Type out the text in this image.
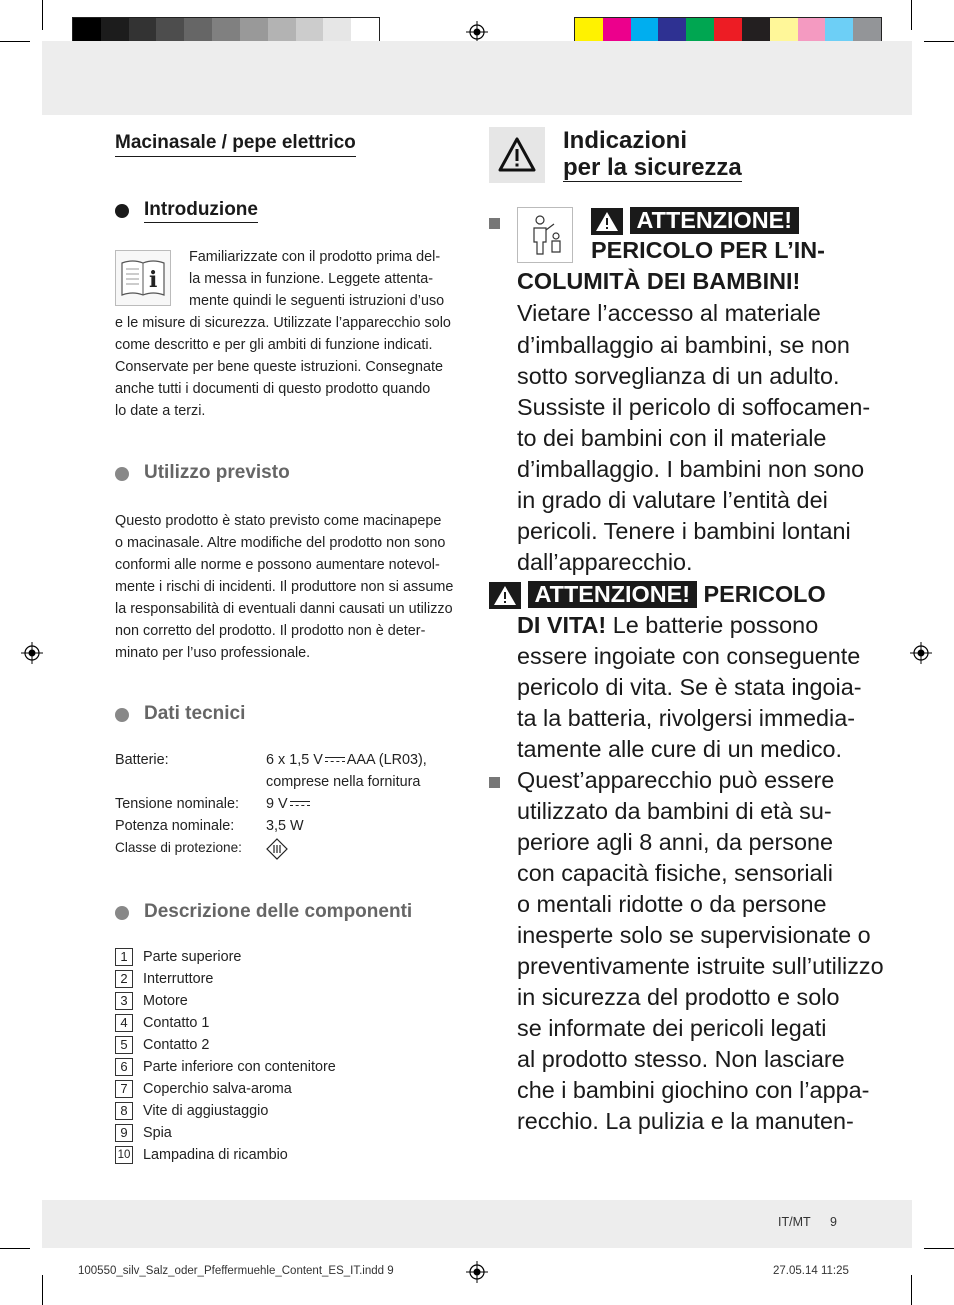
Macinasale / pepe elettrico
Introduzione
i
Familiarizzate con il prodotto prima del-
la messa in funzione. Leggete attenta-
mente quindi le seguenti istruzioni d’uso
e le misure di sicurezza. Utilizzate l’apparecchio solo
come descritto e per gli ambiti di funzione indicati.
Conservate per bene queste istruzioni. Consegnate
anche tutti i documenti di questo prodotto quando
lo date a terzi.
Utilizzo previsto
Questo prodotto è stato previsto come macinapepe
o macinasale. Altre modifiche del prodotto non sono
conformi alle norme e possono aumentare notevol-
mente i rischi di incidenti. Il produttore non si assume
la responsabilità di eventuali danni causati un utilizzo
non corretto del prodotto. Il prodotto non è deter-
minato per l’uso professionale.
Dati tecnici
Batterie:	6 x 1,5 V AAA (LR03),
comprese nella fornitura
Tensione nominale: 9 V
Potenza nominale: 3,5 W
Classe di protezione:
Descrizione delle componenti
1	Parte superiore
2	Interruttore
3	Motore
4	Contatto 1
5	Contatto 2
6	Parte inferiore con contenitore
7	Coperchio salva-aroma
8	Vite di aggiustaggio
9	Spia
10 Lampadina di ricambio
Indicazioni
per la sicurezza
ATTENZIONE!
PERICOLO PER L’IN-
COLUMITÀ DEI BAMBINI!
Vietare l’accesso al materiale
d’imballaggio ai bambini, se non
sotto sorveglianza di un adulto.
Sussiste il pericolo di soffocamen-
to dei bambini con il materiale
d’imballaggio. I bambini non sono
in grado di valutare l’entità dei
pericoli. Tenere i bambini lontani
dall’apparecchio.
ATTENZIONE! PERICOLO
DI VITA! Le batterie possono
essere ingoiate con conseguente
pericolo di vita. Se è stata ingoia-
ta la batteria, rivolgersi immedia-
tamente alle cure di un medico.
Quest’apparecchio può essere
utilizzato da bambini di età su-
periore agli 8 anni, da persone
con capacità fisiche, sensoriali
o mentali ridotte o da persone
inesperte solo se supervisionate o
preventivamente istruite sull’utilizzo
in sicurezza del prodotto e solo
se informate dei pericoli legati
al prodotto stesso. Non lasciare
che i bambini giochino con l’appa-
recchio. La pulizia e la manuten-
IT/MT 9
100550_silv_Salz_oder_Pfeffermuehle_Content_ES_IT.indd 9	27.05.14 11:25
